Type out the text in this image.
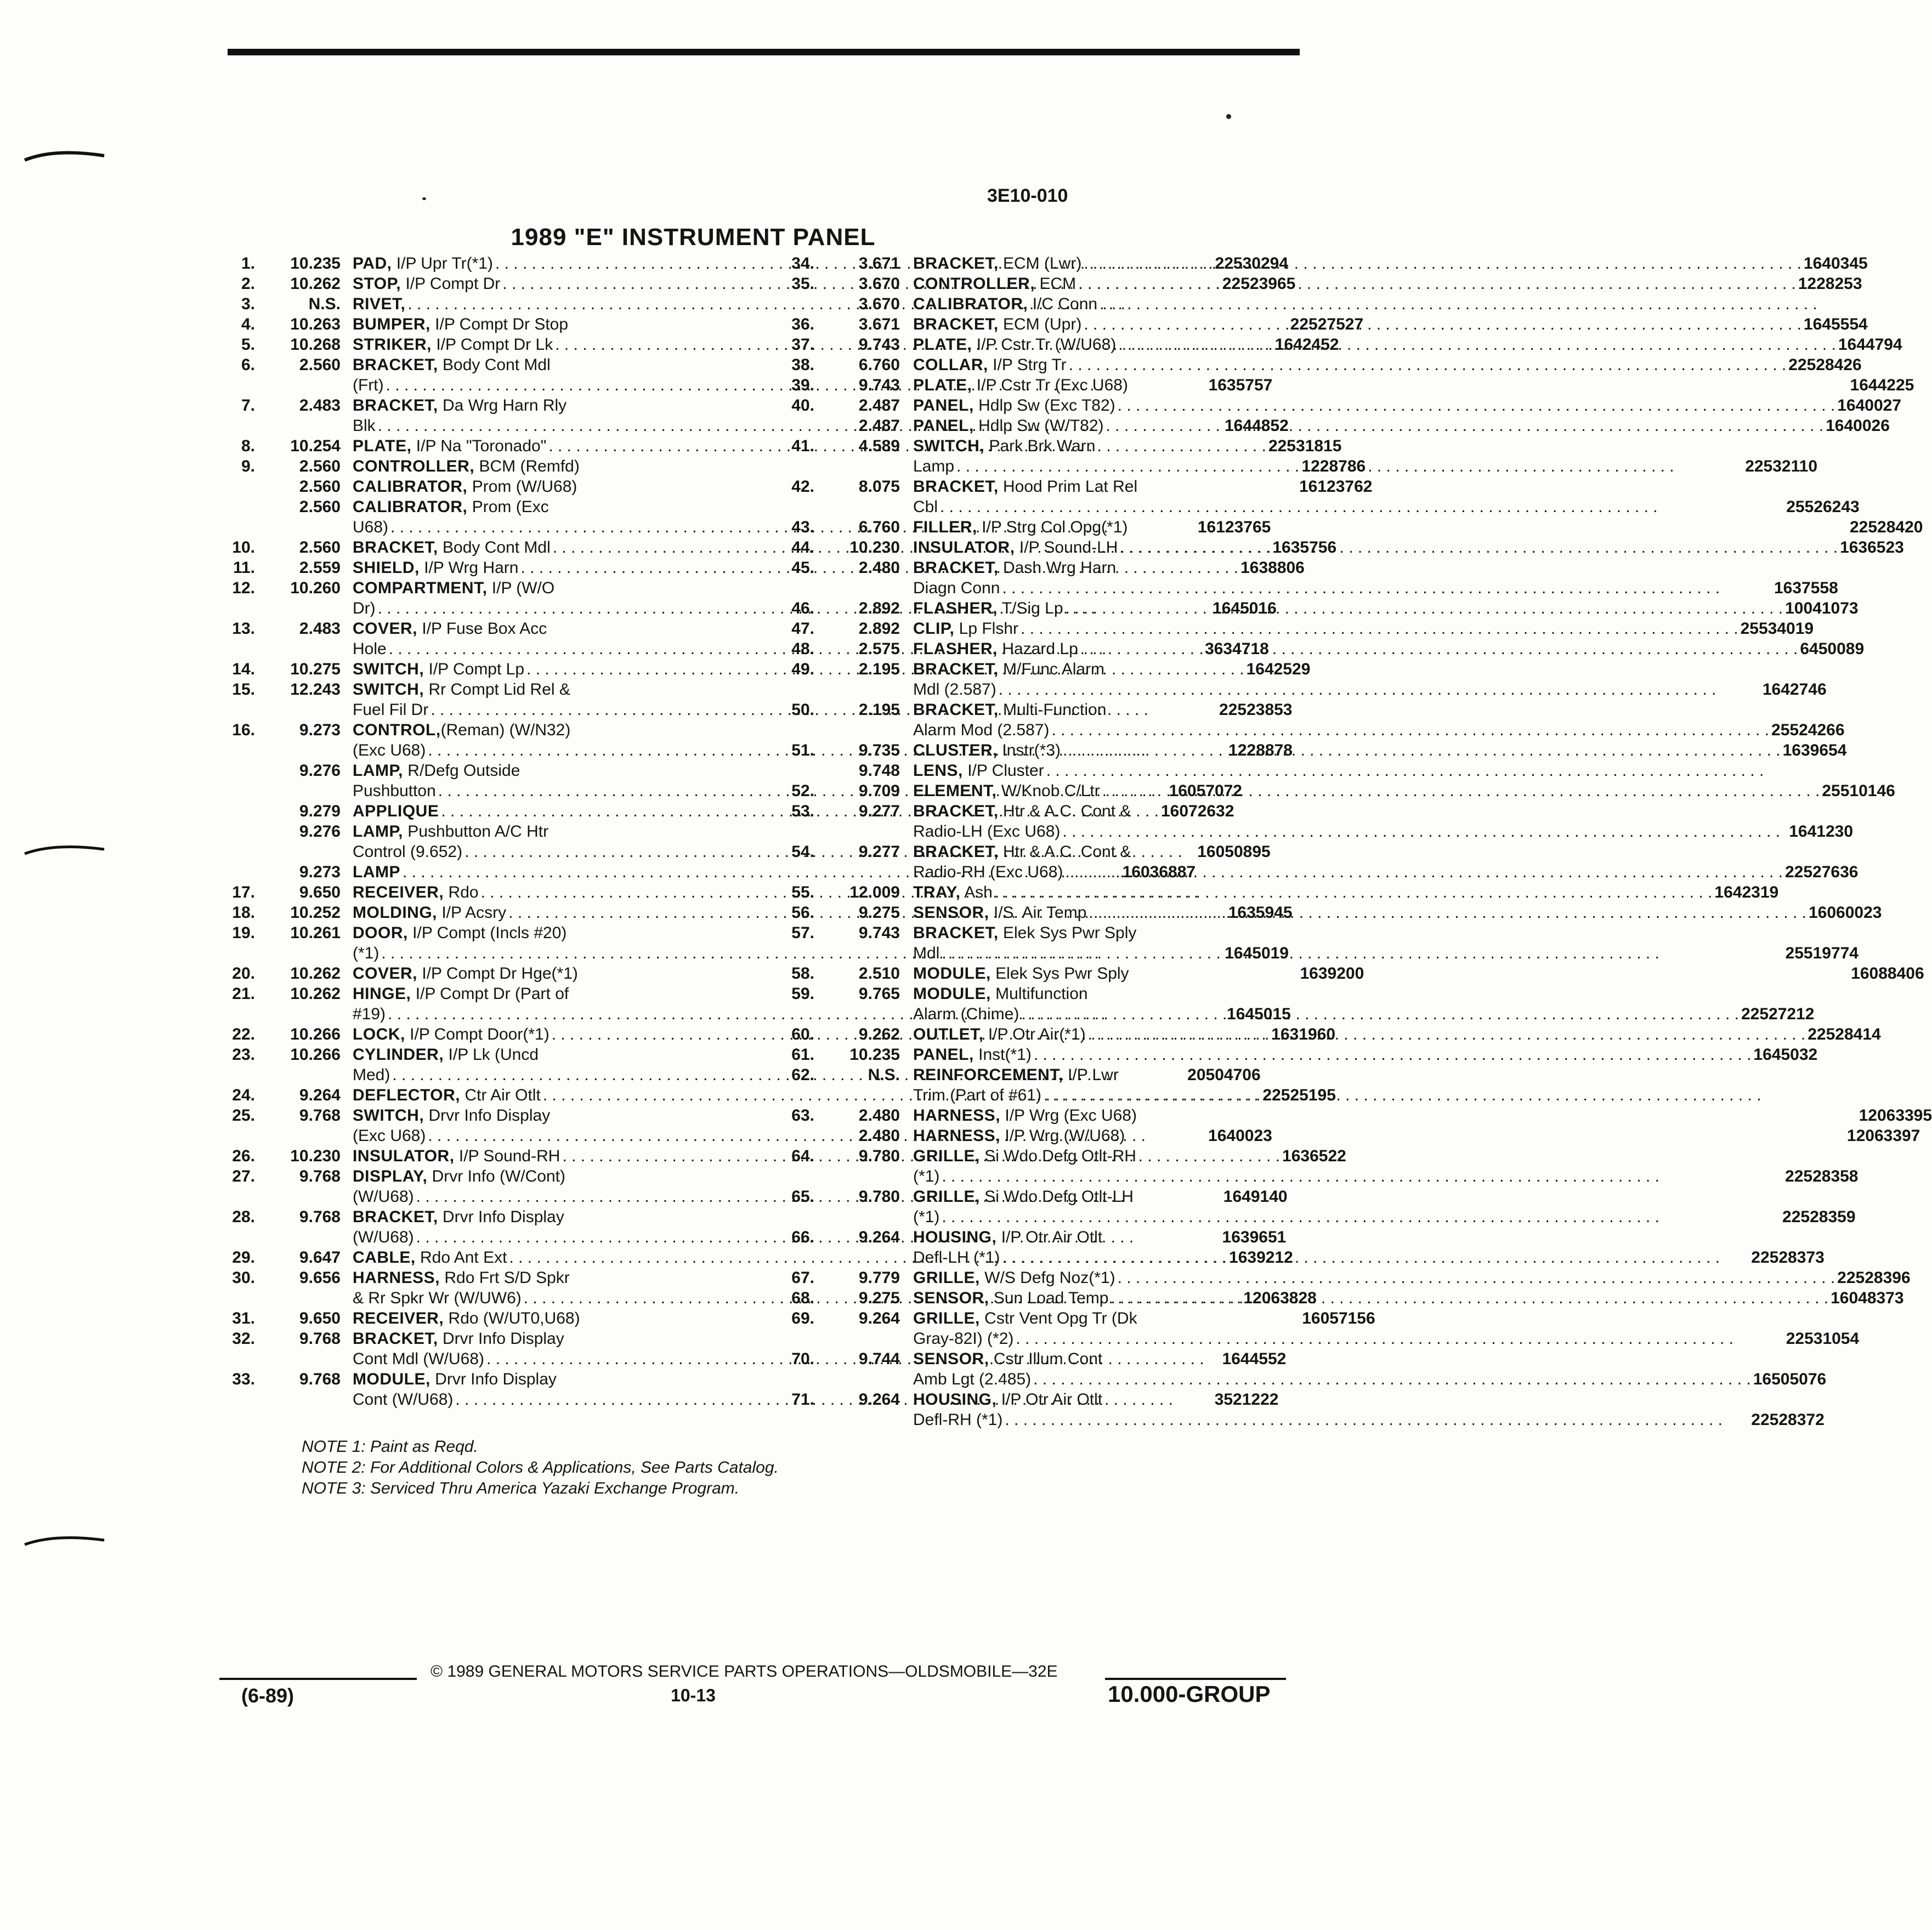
3E10-010
1989 "E" INSTRUMENT PANEL
1.	10.235 PAD, I/P Upr Tr(*1) . . .	22530294
2.	10.262 STOP, I/P Compt Dr . . .	22523965
3.	N.S. RIVET,
. . .
4.	10.263 BUMPER, I/P Compt Dr Stop	22527527
5.	10.268 STRIKER, I/P Compt Dr Lk . . .	1642452
6.	2.560 BRACKET, Body Cont Mdl
(Frt) . . .	1635757
7.	2.483 BRACKET, Da Wrg Harn Rly
Blk . . .	1644852
8.	10.254 PLATE, I/P Na "Toronado" . . .	22531815
9.	2.560 CONTROLLER, BCM (Remfd)	1228786
2.560 CALIBRATOR, Prom (W/U68)	16123762
2.560 CALIBRATOR, Prom (Exc
U68) . . .	16123765
10.	2.560 BRACKET, Body Cont Mdl . . .	1635756
11.	2.559 SHIELD, I/P Wrg Harn . . .	1638806
12.	10.260 COMPARTMENT, I/P (W/O
Dr) . . .	1645016
13.	2.483 COVER, I/P Fuse Box Acc
Hole . . .	3634718
14.	10.275 SWITCH, I/P Compt Lp . . .	1642529
15.	12.243 SWITCH, Rr Compt Lid Rel &
Fuel Fil Dr . . .	22523853
16.	9.273 CONTROL,(Reman) (W/N32)
(Exc U68) . . .	1228878
9.276 LAMP, R/Defg Outside
Pushbutton . . .	16057072
9.279 APPLIQUE . . .	16072632
9.276 LAMP, Pushbutton A/C Htr
Control (9.652) . . .	16050895
9.273 LAMP . . .	16036887
17.	9.650 RECEIVER, Rdo
. . .
18.	10.252 MOLDING, I/P Acsry . . .	1635945
19.	10.261 DOOR, I/P Compt (Incls #20)
(*1) . . .	1645019
20.	10.262 COVER, I/P Compt Dr Hge(*1)	1639200
21.	10.262 HINGE, I/P Compt Dr (Part of
#19) . . .	1645015
22.	10.266 LOCK, I/P Compt Door(*1) . . .	1631960
23.	10.266 CYLINDER, I/P Lk (Uncd
Med) . . .	20504706
24.	9.264 DEFLECTOR, Ctr Air Otlt . . .	22525195
25.	9.768 SWITCH, Drvr Info Display
(Exc U68) . . .	1640023
26.	10.230 INSULATOR, I/P Sound-RH . . .	1636522
27.	9.768 DISPLAY, Drvr Info (W/Cont)
(W/U68) . . .	1649140
28.	9.768 BRACKET, Drvr Info Display
(W/U68) . . .	1639651
29.	9.647 CABLE, Rdo Ant Ext . . .	1639212
30.	9.656 HARNESS, Rdo Frt S/D Spkr
& Rr Spkr Wr (W/UW6) . . .	12063828
31.	9.650 RECEIVER, Rdo (W/UT0,U68)	16057156
32.	9.768 BRACKET, Drvr Info Display
Cont Mdl (W/U68) . . .	1644552
33.	9.768 MODULE, Drvr Info Display
Cont (W/U68) . . .	3521222
34.	3.671 BRACKET, ECM (Lwr) . . .	1640345
35.	3.670 CONTROLLER, ECM . . .	1228253
3.670 CALIBRATOR, I/C Conn
. . .
36.	3.671 BRACKET, ECM (Upr) . . .	1645554
37.	9.743 PLATE, I/P Cstr Tr (W/U68) . . .	1644794
38.	6.760 COLLAR, I/P Strg Tr . . .	22528426
39.	9.743 PLATE, I/P Cstr Tr (Exc U68)	1644225
40.	2.487 PANEL, Hdlp Sw (Exc T82) . . .	1640027
2.487 PANEL, Hdlp Sw (W/T82) . . .	1640026
41.	4.589 SWITCH, Park Brk Warn
Lamp . . .	22532110
42.	8.075 BRACKET, Hood Prim Lat Rel
Cbl . . .	25526243
43.	6.760 FILLER, I/P Strg Col Opg(*1)	22528420
44.	10.230 INSULATOR, I/P Sound-LH . . .	1636523
45.	2.480 BRACKET, Dash Wrg Harn
Diagn Conn . . .	1637558
46.	2.892 FLASHER, T/Sig Lp . . .	10041073
47.	2.892 CLIP, Lp Flshr . . .	25534019
48.	2.575 FLASHER, Hazard Lp . . .	6450089
49.	2.195 BRACKET, M/Func Alarm
Mdl (2.587) . . .	1642746
50.	2.195 BRACKET, Multi-Function
Alarm Mod (2.587) . . .	25524266
51.	9.735 CLUSTER, Instr(*3) . . .	1639654
9.748 LENS, I/P Cluster
. . .
52.	9.709 ELEMENT, W/Knob C/Ltr . . .	25510146
53.	9.277 BRACKET, Htr & A.C. Cont &
Radio-LH (Exc U68) . . .	1641230
54.	9.277 BRACKET, Htr & A.C. Cont &
Radio-RH (Exc U68) . . .	22527636
55.	12.009 TRAY, Ash . . .	1642319
56.	9.275 SENSOR, I/S. Air Temp . . .	16060023
57.	9.743 BRACKET, Elek Sys Pwr Sply
Mdl . . .	25519774
58.	2.510 MODULE, Elek Sys Pwr Sply	16088406
59.	9.765 MODULE, Multifunction
Alarm (Chime) . . .	22527212
60.	9.262 OUTLET, I/P Otr Air(*1) . . .	22528414
61.	10.235 PANEL, Inst(*1) . . .	1645032
62.	N.S. REINFORCEMENT, I/P Lwr
Trim (Part of #61)
. . .
63.	2.480 HARNESS, I/P Wrg (Exc U68)	12063395
2.480 HARNESS, I/P Wrg (W/U68)	12063397
64.	9.780 GRILLE, Si Wdo Defg Otlt-RH
(*1) . . .	22528358
65.	9.780 GRILLE, Si Wdo Defg Otlt-LH
(*1) . . .	22528359
66.	9.264 HOUSING, I/P Otr Air Otlt
Defl-LH (*1) . . .	22528373
67.	9.779 GRILLE, W/S Defg Noz(*1) . . .	22528396
68.	9.275 SENSOR, Sun Load Temp . . .	16048373
69.	9.264 GRILLE, Cstr Vent Opg Tr (Dk
Gray-82I) (*2) . . .	22531054
70.	9.744 SENSOR, Cstr Illum Cont
Amb Lgt (2.485) . . .	16505076
71.	9.264 HOUSING, I/P Otr Air Otlt
Defl-RH (*1) . . .	22528372
NOTE 1: Paint as Reqd.
NOTE 2: For Additional Colors & Applications, See Parts Catalog.
NOTE 3: Serviced Thru America Yazaki Exchange Program.
© 1989 GENERAL MOTORS SERVICE PARTS OPERATIONS—OLDSMOBILE—32E
10-13
(6-89)	10.000-GROUP
